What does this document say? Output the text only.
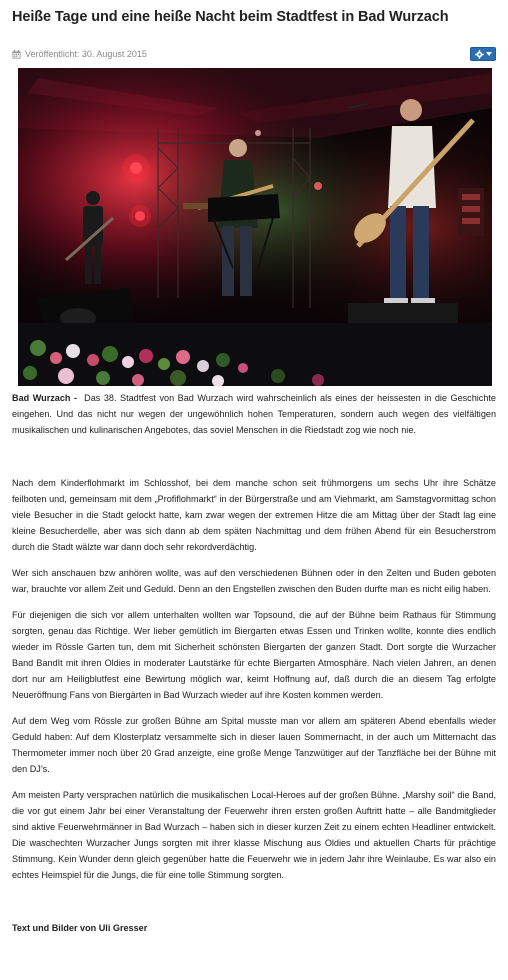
Heiße Tage und eine heiße Nacht beim Stadtfest in Bad Wurzach
Veröffentlicht: 30. August 2015

Bad Wurzach - Das 38. Stadtfest von Bad Wurzach wird wahrscheinlich als eines der heissesten in die Geschichte eingehen. Und das nicht nur wegen der ungewöhnlich hohen Temperaturen, sondern auch wegen des vielfältigen musikalischen und kulinarischen Angebotes, das soviel Menschen in die Riedstadt zog wie noch nie.

Nach dem Kinderflohmarkt im Schlosshof, bei dem manche schon seit frühmorgens um sechs Uhr ihre Schätze feilboten und, gemeinsam mit dem „Profiflohmarkt“ in der Bürgerstraße und am Viehmarkt, am Samstagvormittag schon viele Besucher in die Stadt gelockt hatte, kam zwar wegen der extremen Hitze die am Mittag über der Stadt lag eine kleine Besucherdelle, aber was sich dann ab dem späten Nachmittag und dem frühen Abend für ein Besucherstrom durch die Stadt wälzte war dann doch sehr rekordverdächtig.

Wer sich anschauen bzw anhören wollte, was auf den verschiedenen Bühnen oder in den Zelten und Buden geboten war, brauchte vor allem Zeit und Geduld. Denn an den Engstellen zwischen den Buden durfte man es nicht eilig haben.

Für diejenigen die sich vor allem unterhalten wollten war Topsound, die auf der Bühne beim Rathaus für Stimmung sorgten, genau das Richtige. Wer lieber gemütlich im Biergarten etwas Essen und Trinken wollte, konnte dies endlich wieder im Rössle Garten tun, dem mit Sicherheit schönsten Biergarten der ganzen Stadt. Dort sorgte die Wurzacher Band BandIt mit ihren Oldies in moderater Lautstärke für echte Biergarten Atmosphäre. Nach vielen Jahren, an denen dort nur am Heiligblutfest eine Bewirtung möglich war, keimt Hoffnung auf, daß durch die an diesem Tag erfolgte Neueröffnung Fans von Biergärten in Bad Wurzach wieder auf ihre Kosten kommen werden.

Auf dem Weg vom Rössle zur großen Bühne am Spital musste man vor allem am späteren Abend ebenfalls wieder Geduld haben: Auf dem Klosterplatz versammelte sich in dieser lauen Sommernacht, in der auch um Mitternacht das Thermometer immer noch über 20 Grad anzeigte, eine große Menge Tanzwütiger auf der Tanzfläche bei der Bühne mit den DJ’s.

Am meisten Party versprachen natürlich die musikalischen Local-Heroes auf der großen Bühne. „Marshy soil“ die Band, die vor gut einem Jahr bei einer Veranstaltung der Feuerwehr ihren ersten großen Auftritt hatte – alle Bandmitglieder sind aktive Feuerwehrmänner in Bad Wurzach – haben sich in dieser kurzen Zeit zu einem echten Headliner entwickelt. Die waschechten Wurzacher Jungs sorgten mit ihrer klasse Mischung aus Oldies und aktuellen Charts für prächtige Stimmung. Kein Wunder denn gleich gegenüber hatte die Feuerwehr wie in jedem Jahr ihre Weinlaube. Es war also ein echtes Heimspiel für die Jungs, die für eine tolle Stimmung sorgten.

Text und Bilder von Uli Gresser
